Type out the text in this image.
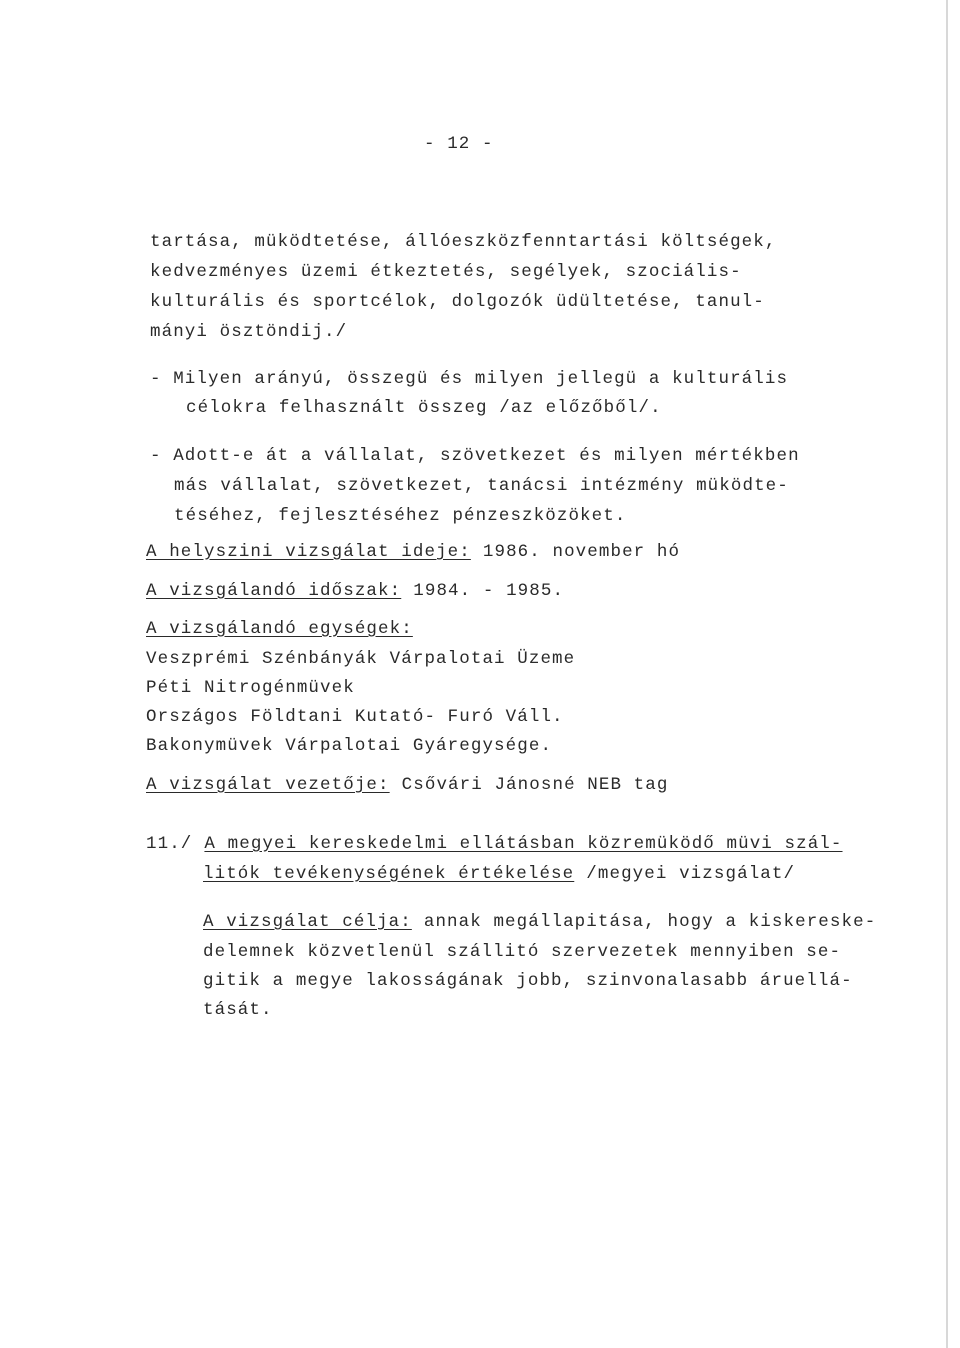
- 12 -
tartása, müködtetése, állóeszközfenntartási költségek,
kedvezményes üzemi étkeztetés, segélyek, szociális-
kulturális és sportcélok, dolgozók üdültetése, tanul-
mányi ösztöndij./
- Milyen arányú, összegü és milyen jellegü a kulturális
célokra felhasznált összeg /az előzőből/.
- Adott-e át a vállalat, szövetkezet és milyen mértékben
más vállalat, szövetkezet, tanácsi intézmény müködte-
téséhez, fejlesztéséhez pénzeszközöket.
A helyszini vizsgálat ideje: 1986. november hó
A vizsgálandó időszak: 1984. - 1985.
A vizsgálandó egységek:
Veszprémi Szénbányák Várpalotai Üzeme
Péti Nitrogénmüvek
Országos Földtani Kutató- Furó Váll.
Bakonymüvek Várpalotai Gyáregysége.
A vizsgálat vezetője: Csővári Jánosné NEB tag
11./ A megyei kereskedelmi ellátásban közremüködő müvi szál-
litók tevékenységének értékelése /megyei vizsgálat/
A vizsgálat célja: annak megállapitása, hogy a kiskereske-
delemnek közvetlenül szállitó szervezetek mennyiben se-
gitik a megye lakosságának jobb, szinvonalasabb áruellá-
tását.
